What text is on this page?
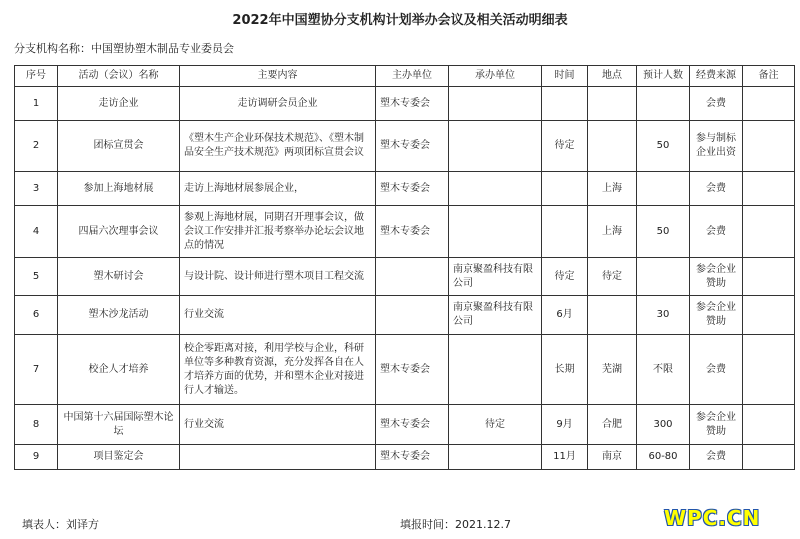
2022年中国塑协分支机构计划举办会议及相关活动明细表
分支机构名称：中国塑协塑木制品专业委员会
序号	活动（会议）名称	主要内容	主办单位	承办单位	时间	地点	预计人数	经费来源	备注
1	走访企业	走访调研会员企业	塑木专委会					会费	
2	团标宣贯会	《塑木生产企业环保技术规范》、《塑木制品安全生产技术规范》两项团标宣贯会议	塑木专委会		待定		50	参与制标企业出资	
3	参加上海地材展	走访上海地材展参展企业，	塑木专委会			上海		会费	
4	四届六次理事会议	参观上海地材展，同期召开理事会议，做会议工作安排并汇报考察举办论坛会议地点的情况	塑木专委会			上海	50	会费	
5	塑木研讨会	与设计院、设计师进行塑木项目工程交流		南京聚盈科技有限公司	待定	待定		参会企业赞助	
6	塑木沙龙活动	行业交流		南京聚盈科技有限公司	6月		30	参会企业赞助	
7	校企人才培养	校企零距离对接，利用学校与企业，科研单位等多种教育资源，充分发挥各自在人才培养方面的优势，并和塑木企业对接进行人才输送。	塑木专委会		长期	芜湖	不限	会费	
8	中国第十六届国际塑木论坛	行业交流	塑木专委会	待定	9月	合肥	300	参会企业赞助	
9	项目鉴定会		塑木专委会		11月	南京	60-80	会费	
填表人：刘译方	填报时间：2021.12.7	WPC.CN
